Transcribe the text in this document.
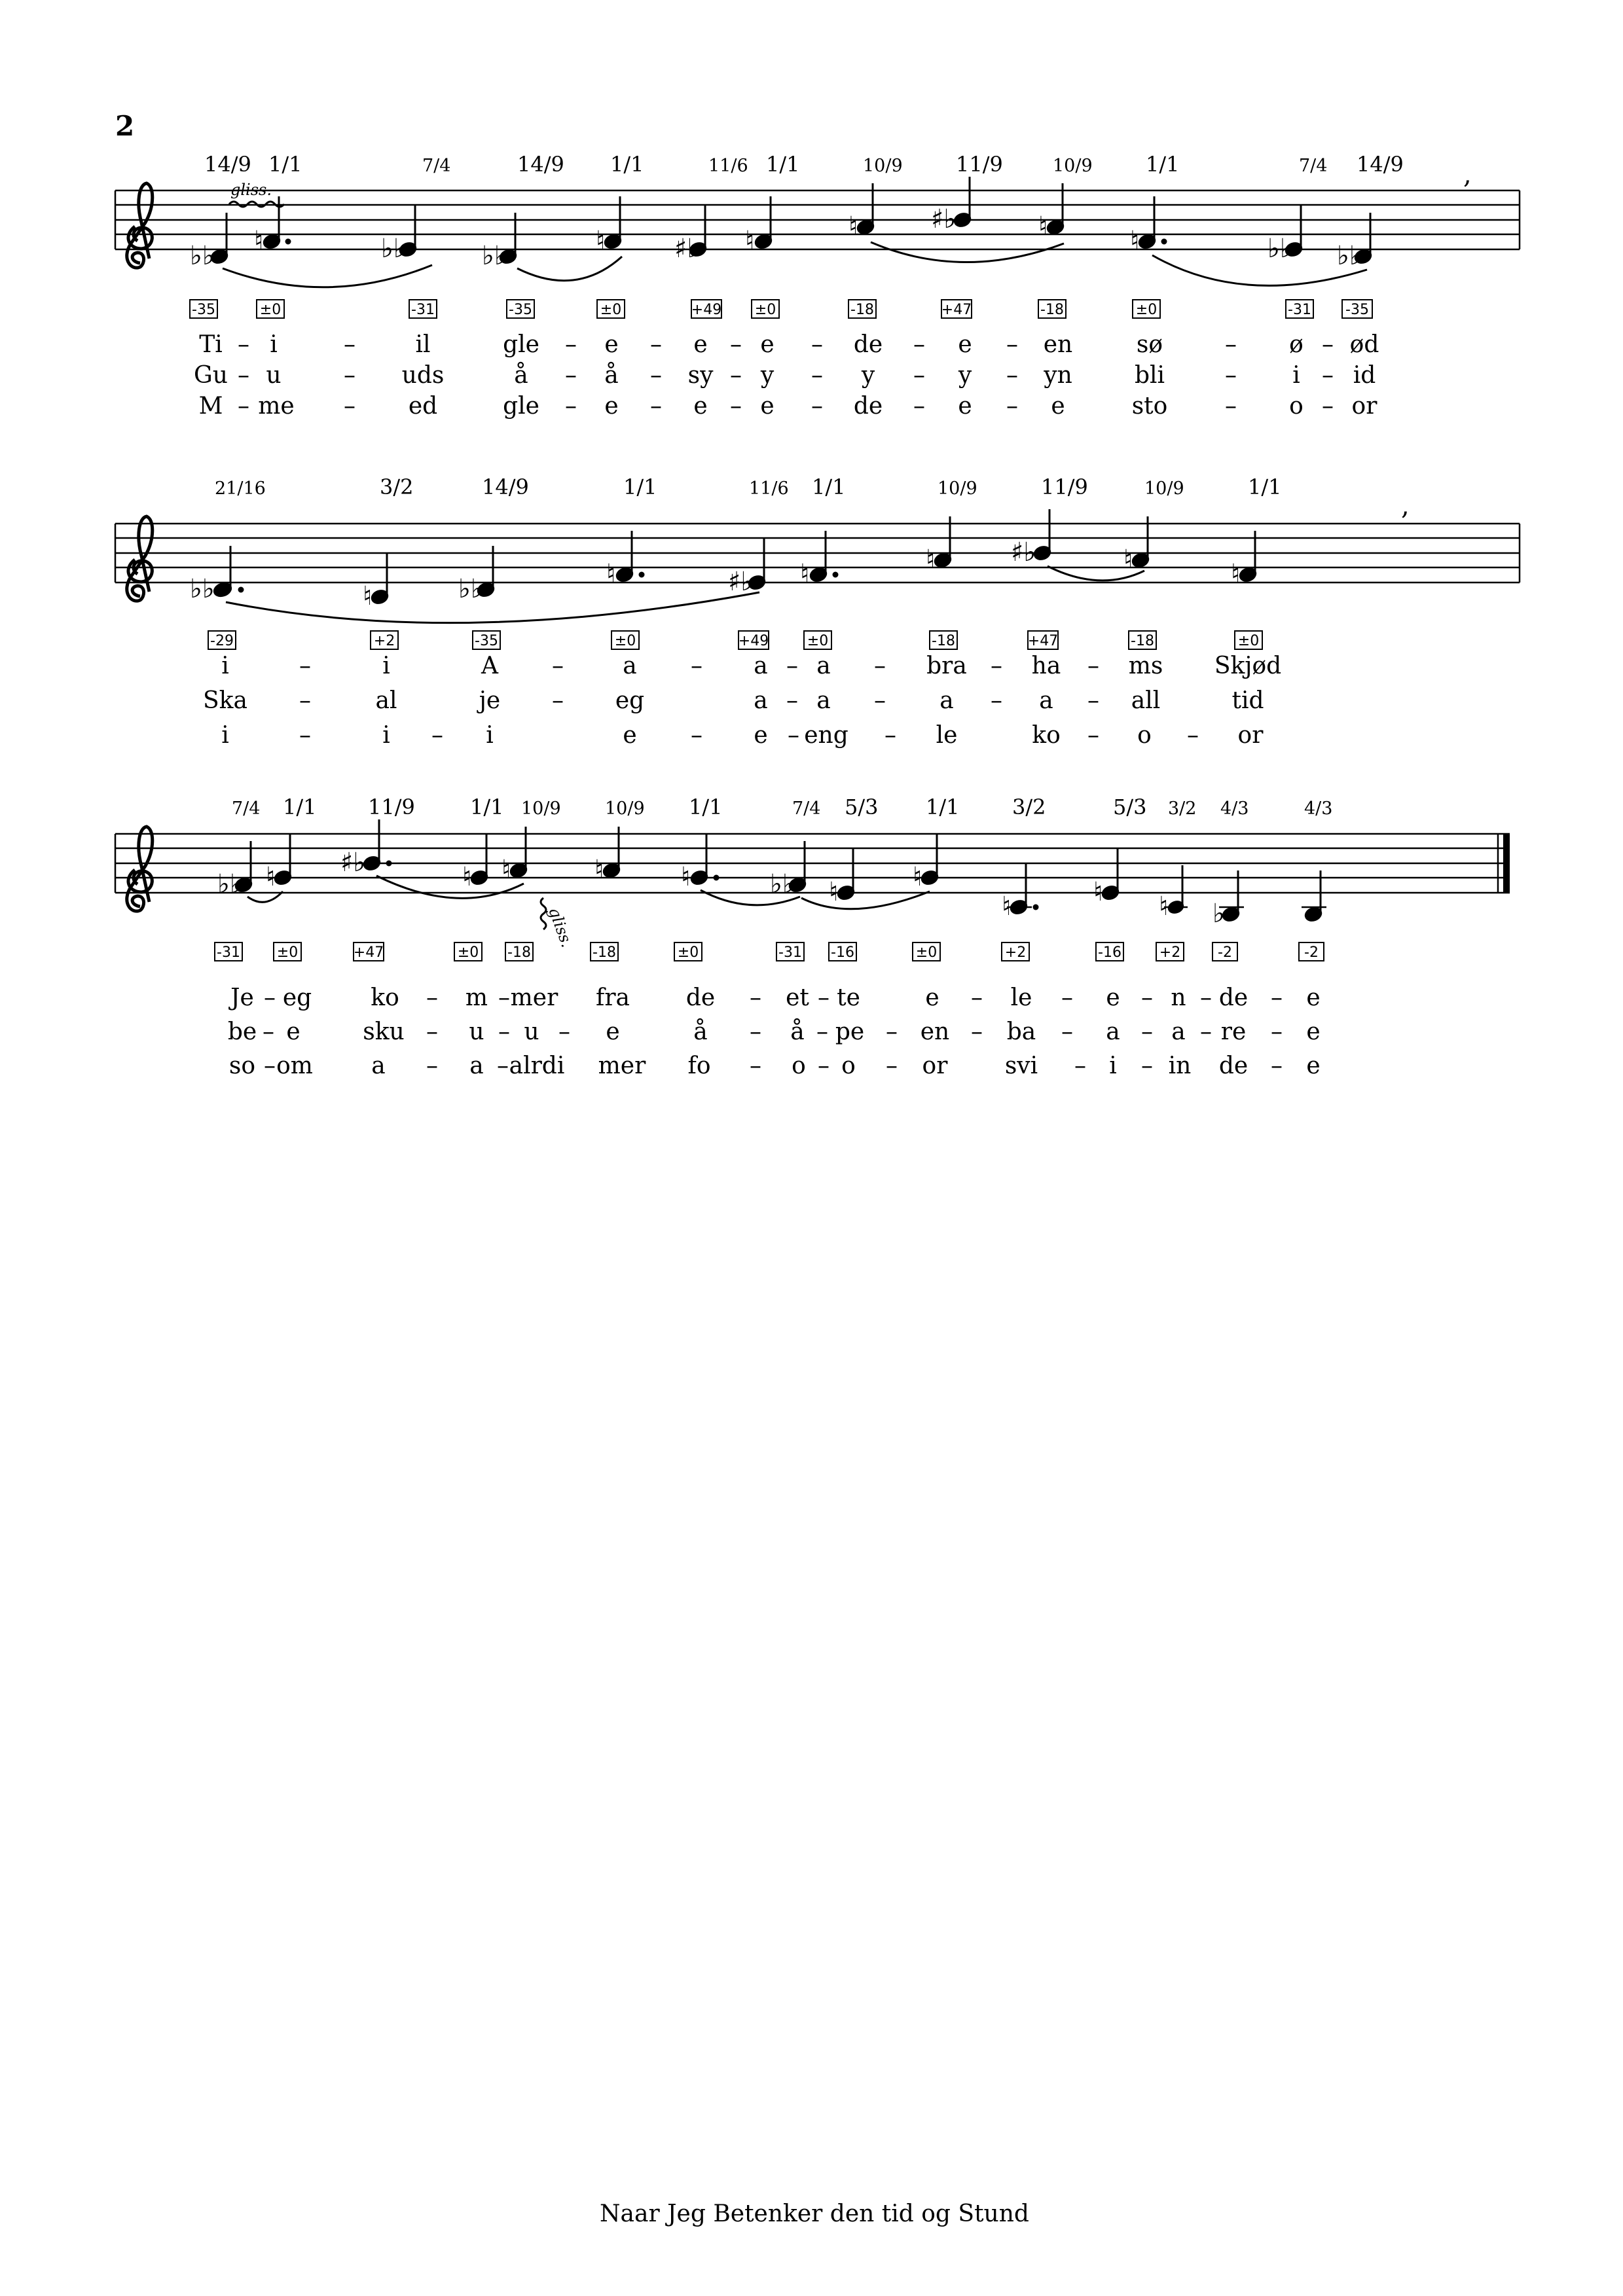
2
14/9 1/1	7/4	14/9 1/1	11/6 1/1	10/9	11/9	10/9	1/1	7/4 14/9
gliss.
♭♭ ♮	♭♭	♭♭	♮	♯♭ ♮	♮	♯♭	♮	♮	♭♭ ♭♭
,
-35	±0	-31	-35	±0	+49 ±0	-18	+47	-18	±0	-31 -35
Ti – i	–	il	gle – e – e – e – de – e – en	sø	– ø – ød
Gu – u	– uds	å – å – sy – y – y – y – yn	bli	– i – id
M – me – ed	gle – e – e – e – de – e – e	sto – o – or
21/16	3/2	14/9	1/1	11/6 1/1	10/9	11/9	10/9	1/1
♭♭	♮	♭♭	♮	♯♭ ♮	♮	♯♭	♮	♮
,
-29	+2	-35	±0	+49	±0	-18	+47	-18	±0
i	–	i	A –	a – a – a – bra – ha – ms Skjød
Ska –	al	je – eg	a – a – a – a – all	tid
i	–	i – i	e – e – eng – le	ko – o – or
7/4 1/1 11/9	1/1 10/9 10/9 1/1	7/4 5/3 1/1	3/2	5/3 3/2 4/3	4/3
♭♭ ♮ ♯♭	♮ ♮	♮	♮	♭♭ ♮	♮
♮	♮ ♮ ♭
gliss.
-31	±0	+47	±0 -18	-18	±0	-31 -16	±0	+2	-16	+2	-2	-2
Je – eg	ko – m – mer fra de – et – te	e – le – e – n – de – e
be – e	sku – u – u – e	å – å – pe – en – ba – a – a – re – e
so – om a – a – alrdi mer fo – o – o – or svi – i – in de – e
Naar Jeg Betenker den tid og Stund
